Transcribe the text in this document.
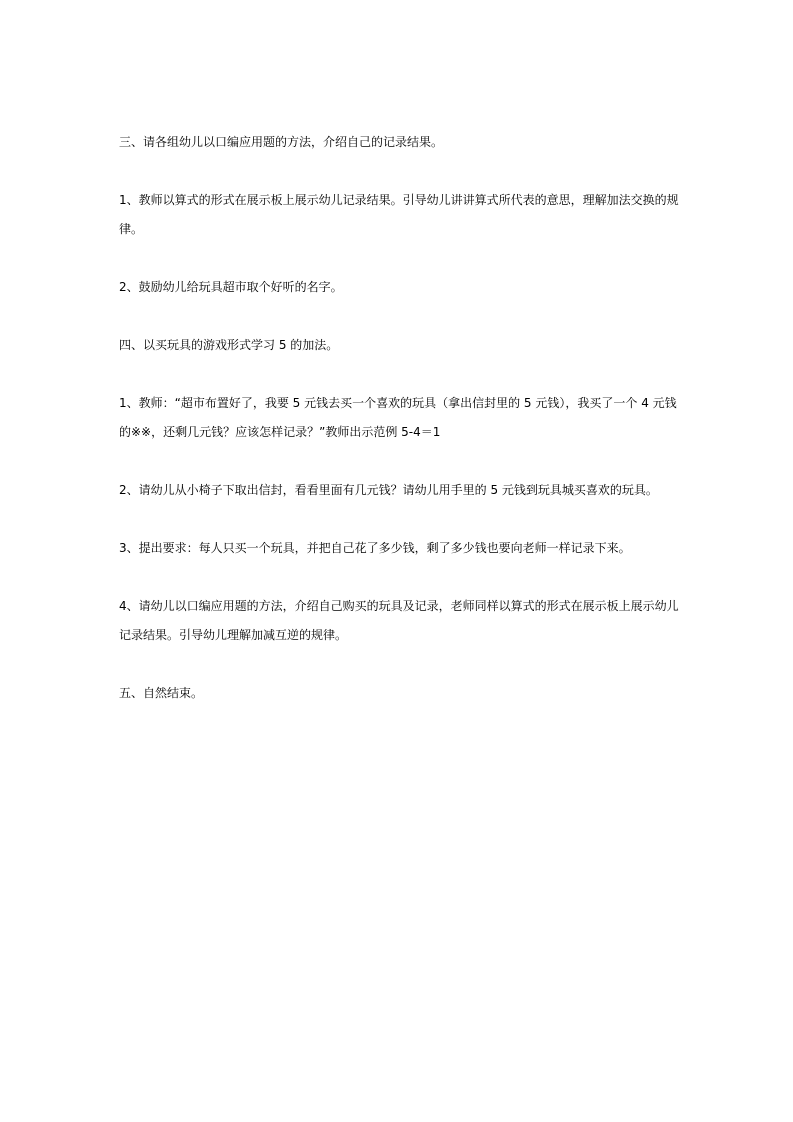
三、请各组幼儿以口编应用题的方法，介绍自己的记录结果。

1、教师以算式的形式在展示板上展示幼儿记录结果。引导幼儿讲讲算式所代表的意思，理解加法交换的规律。

2、鼓励幼儿给玩具超市取个好听的名字。

四、以买玩具的游戏形式学习 5 的加法。

1、教师：“超市布置好了，我要 5 元钱去买一个喜欢的玩具（拿出信封里的 5 元钱），我买了一个 4 元钱的※※，还剩几元钱？应该怎样记录？”教师出示范例 5-4＝1

2、请幼儿从小椅子下取出信封，看看里面有几元钱？请幼儿用手里的 5 元钱到玩具城买喜欢的玩具。

3、提出要求：每人只买一个玩具，并把自己花了多少钱，剩了多少钱也要向老师一样记录下来。

4、请幼儿以口编应用题的方法，介绍自己购买的玩具及记录，老师同样以算式的形式在展示板上展示幼儿记录结果。引导幼儿理解加减互逆的规律。

五、自然结束。
